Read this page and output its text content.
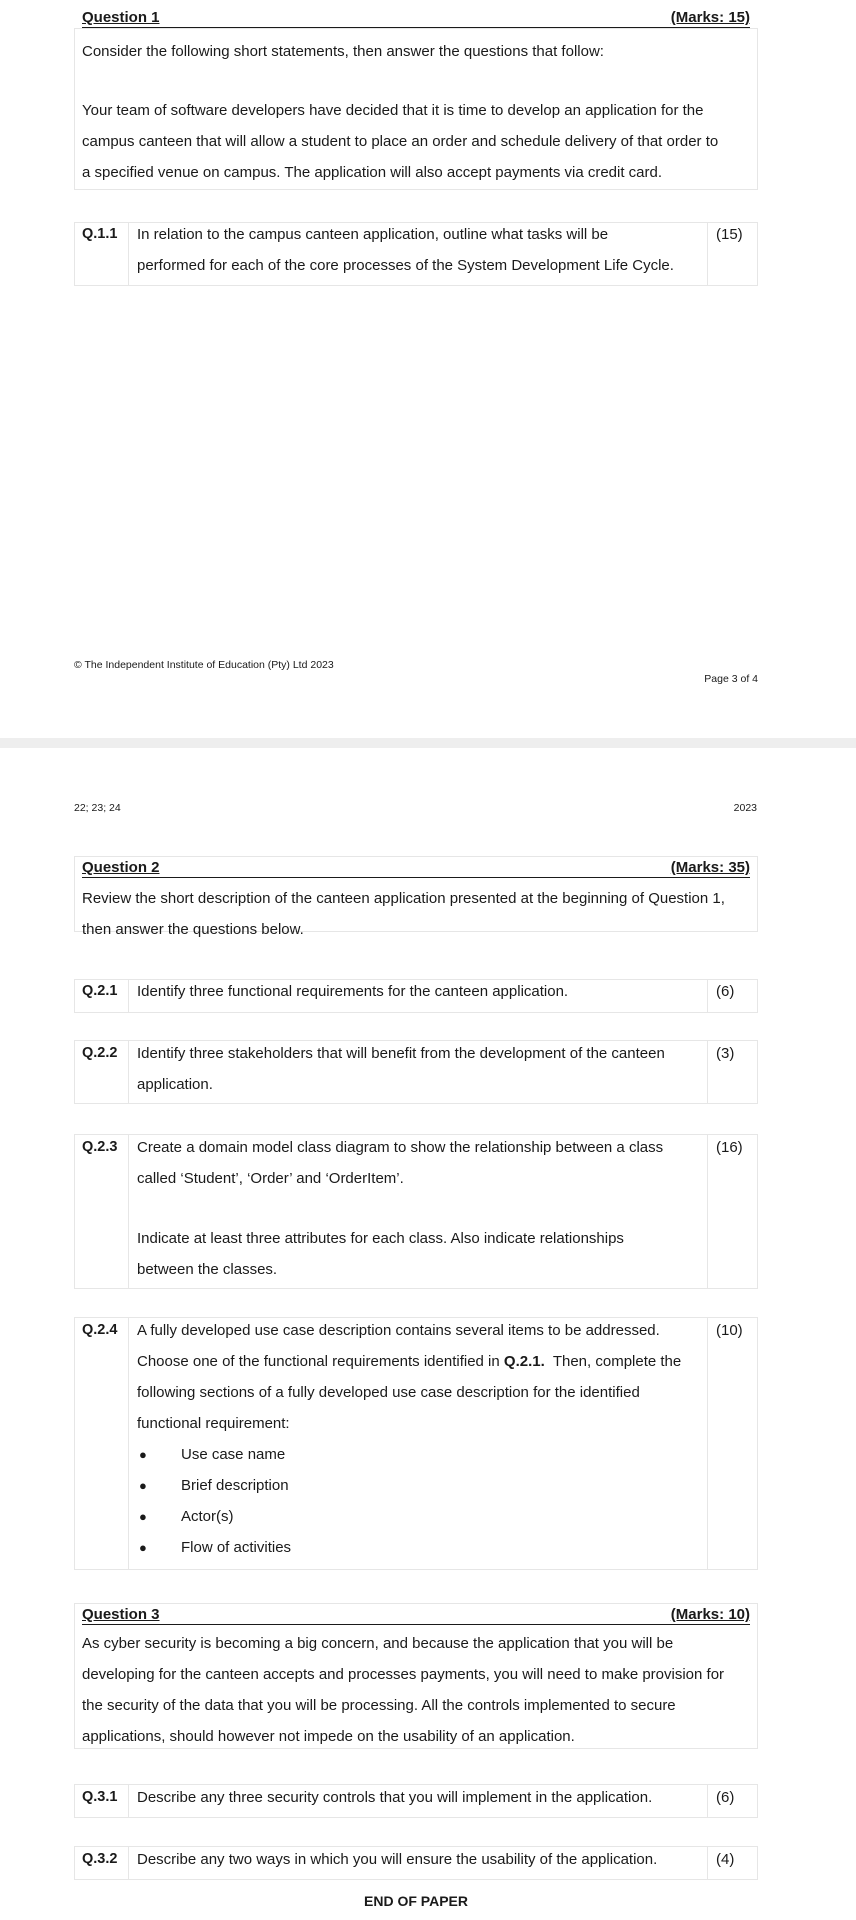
Question 1	(Marks: 15)
Consider the following short statements, then answer the questions that follow:
Your team of software developers have decided that it is time to develop an application for the
campus canteen that will allow a student to place an order and schedule delivery of that order to
a specified venue on campus. The application will also accept payments via credit card.
Q.1.1 In relation to the campus canteen application, outline what tasks will be
performed for each of the core processes of the System Development Life Cycle.
(15)
© The Independent Institute of Education (Pty) Ltd 2023
Page 3 of 4
22; 23; 24	2023
Question 2	(Marks: 35)
Review the short description of the canteen application presented at the beginning of Question 1,
then answer the questions below.
Q.2.1 Identify three functional requirements for the canteen application.	(6)
Q.2.2 Identify three stakeholders that will benefit from the development of the canteen
application.
(3)
Q.2.3 Create a domain model class diagram to show the relationship between a class
called ‘Student’, ‘Order’ and ‘OrderItem’.
Indicate at least three attributes for each class. Also indicate relationships
between the classes.
(16)
Q.2.4 A fully developed use case description contains several items to be addressed.
Choose one of the functional requirements identified in Q.2.1.  Then, complete the
following sections of a fully developed use case description for the identified
functional requirement:
● Use case name
● Brief description
● Actor(s)
● Flow of activities
(10)
Question 3	(Marks: 10)
As cyber security is becoming a big concern, and because the application that you will be
developing for the canteen accepts and processes payments, you will need to make provision for
the security of the data that you will be processing. All the controls implemented to secure
applications, should however not impede on the usability of an application.
Q.3.1 Describe any three security controls that you will implement in the application.	(6)
Q.3.2 Describe any two ways in which you will ensure the usability of the application.	(4)
END OF PAPER
